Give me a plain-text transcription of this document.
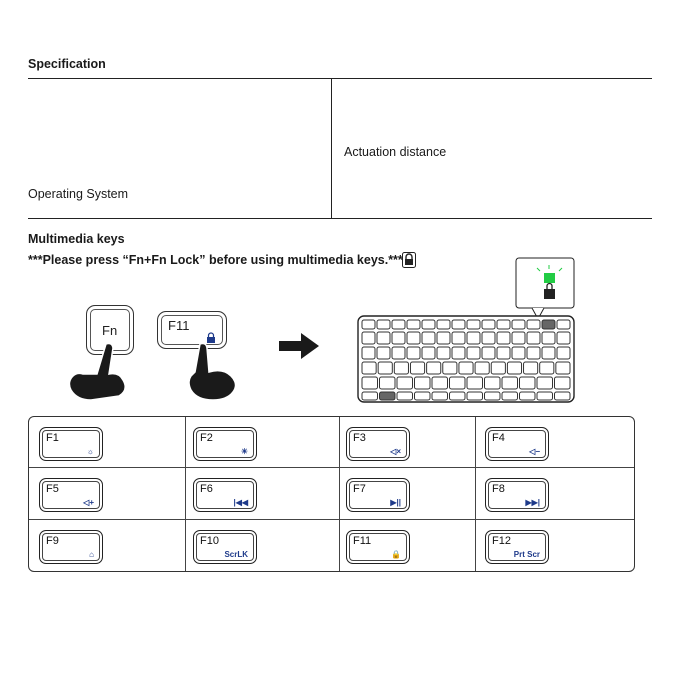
Specification
Actuation distance
Operating System
Multimedia keys
***Please press “Fn+Fn Lock” before using multimedia keys.***
Fn	F11
F1
☼
F2
☀
F3
◁×
F4
◁−
F5
◁+
F6
|◀◀
F7
▶||
F8
▶▶|
F9
⌂
F10
ScrLK
F11
🔒
F12
Prt Scr
